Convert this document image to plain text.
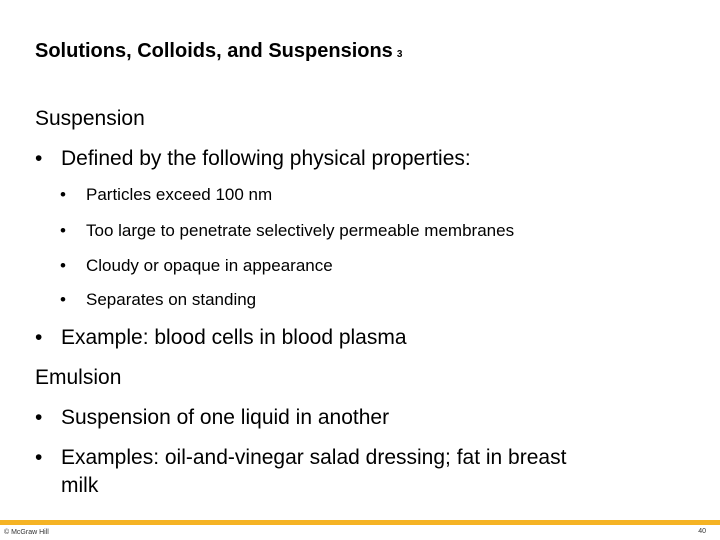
Solutions, Colloids, and Suspensions 3
Suspension
• Defined by the following physical properties:
• Particles exceed 100 nm
• Too large to penetrate selectively permeable membranes
• Cloudy or opaque in appearance
• Separates on standing
• Example: blood cells in blood plasma
Emulsion
• Suspension of one liquid in another
• Examples: oil-and-vinegar salad dressing; fat in breast
milk
© McGraw Hill	40
